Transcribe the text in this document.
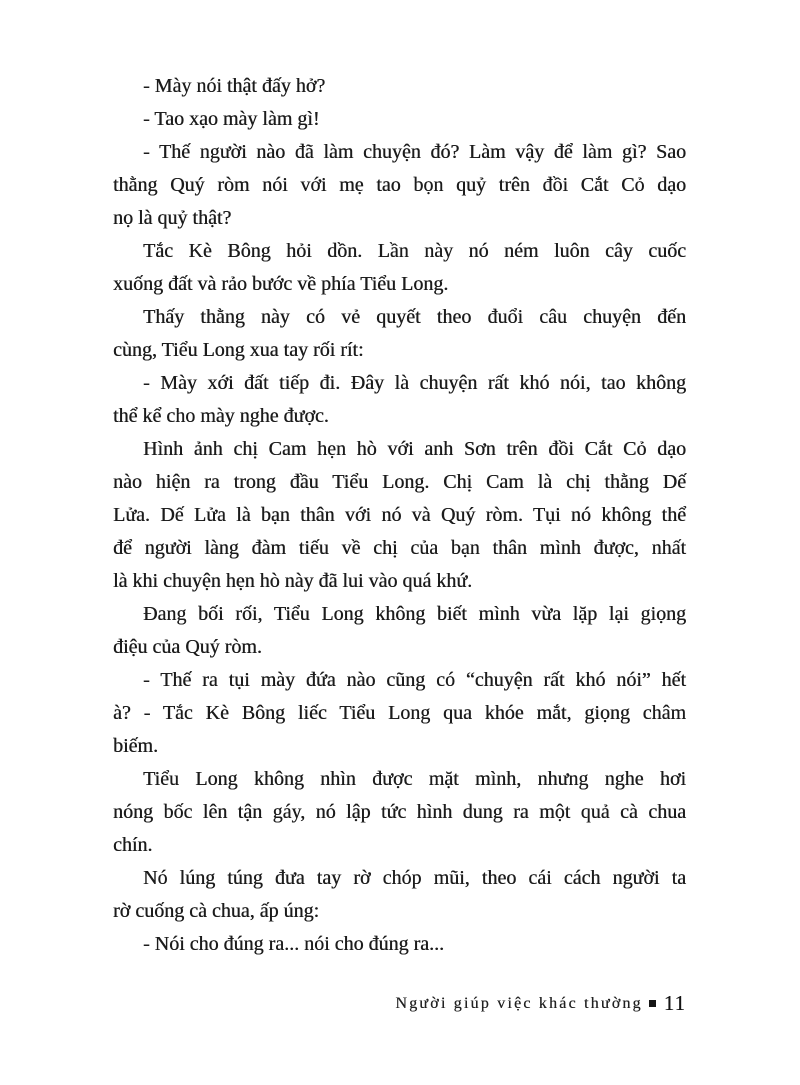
- Mày nói thật đấy hở?
- Tao xạo mày làm gì!
- Thế người nào đã làm chuyện đó? Làm vậy để làm gì? Sao
thằng Quý ròm nói với mẹ tao bọn quỷ trên đồi Cắt Cỏ dạo
nọ là quỷ thật?
Tắc Kè Bông hỏi dồn. Lần này nó ném luôn cây cuốc
xuống đất và rảo bước về phía Tiểu Long.
Thấy thằng này có vẻ quyết theo đuổi câu chuyện đến
cùng, Tiểu Long xua tay rối rít:
- Mày xới đất tiếp đi. Đây là chuyện rất khó nói, tao không
thể kể cho mày nghe được.
Hình ảnh chị Cam hẹn hò với anh Sơn trên đồi Cắt Cỏ dạo
nào hiện ra trong đầu Tiểu Long. Chị Cam là chị thằng Dế
Lửa. Dế Lửa là bạn thân với nó và Quý ròm. Tụi nó không thể
để người làng đàm tiếu về chị của bạn thân mình được, nhất
là khi chuyện hẹn hò này đã lui vào quá khứ.
Đang bối rối, Tiểu Long không biết mình vừa lặp lại giọng
điệu của Quý ròm.
- Thế ra tụi mày đứa nào cũng có “chuyện rất khó nói” hết
à? - Tắc Kè Bông liếc Tiểu Long qua khóe mắt, giọng châm
biếm.
Tiểu Long không nhìn được mặt mình, nhưng nghe hơi
nóng bốc lên tận gáy, nó lập tức hình dung ra một quả cà chua
chín.
Nó lúng túng đưa tay rờ chóp mũi, theo cái cách người ta
rờ cuống cà chua, ấp úng:
- Nói cho đúng ra... nói cho đúng ra...
Người giúp việc khác thường 11
